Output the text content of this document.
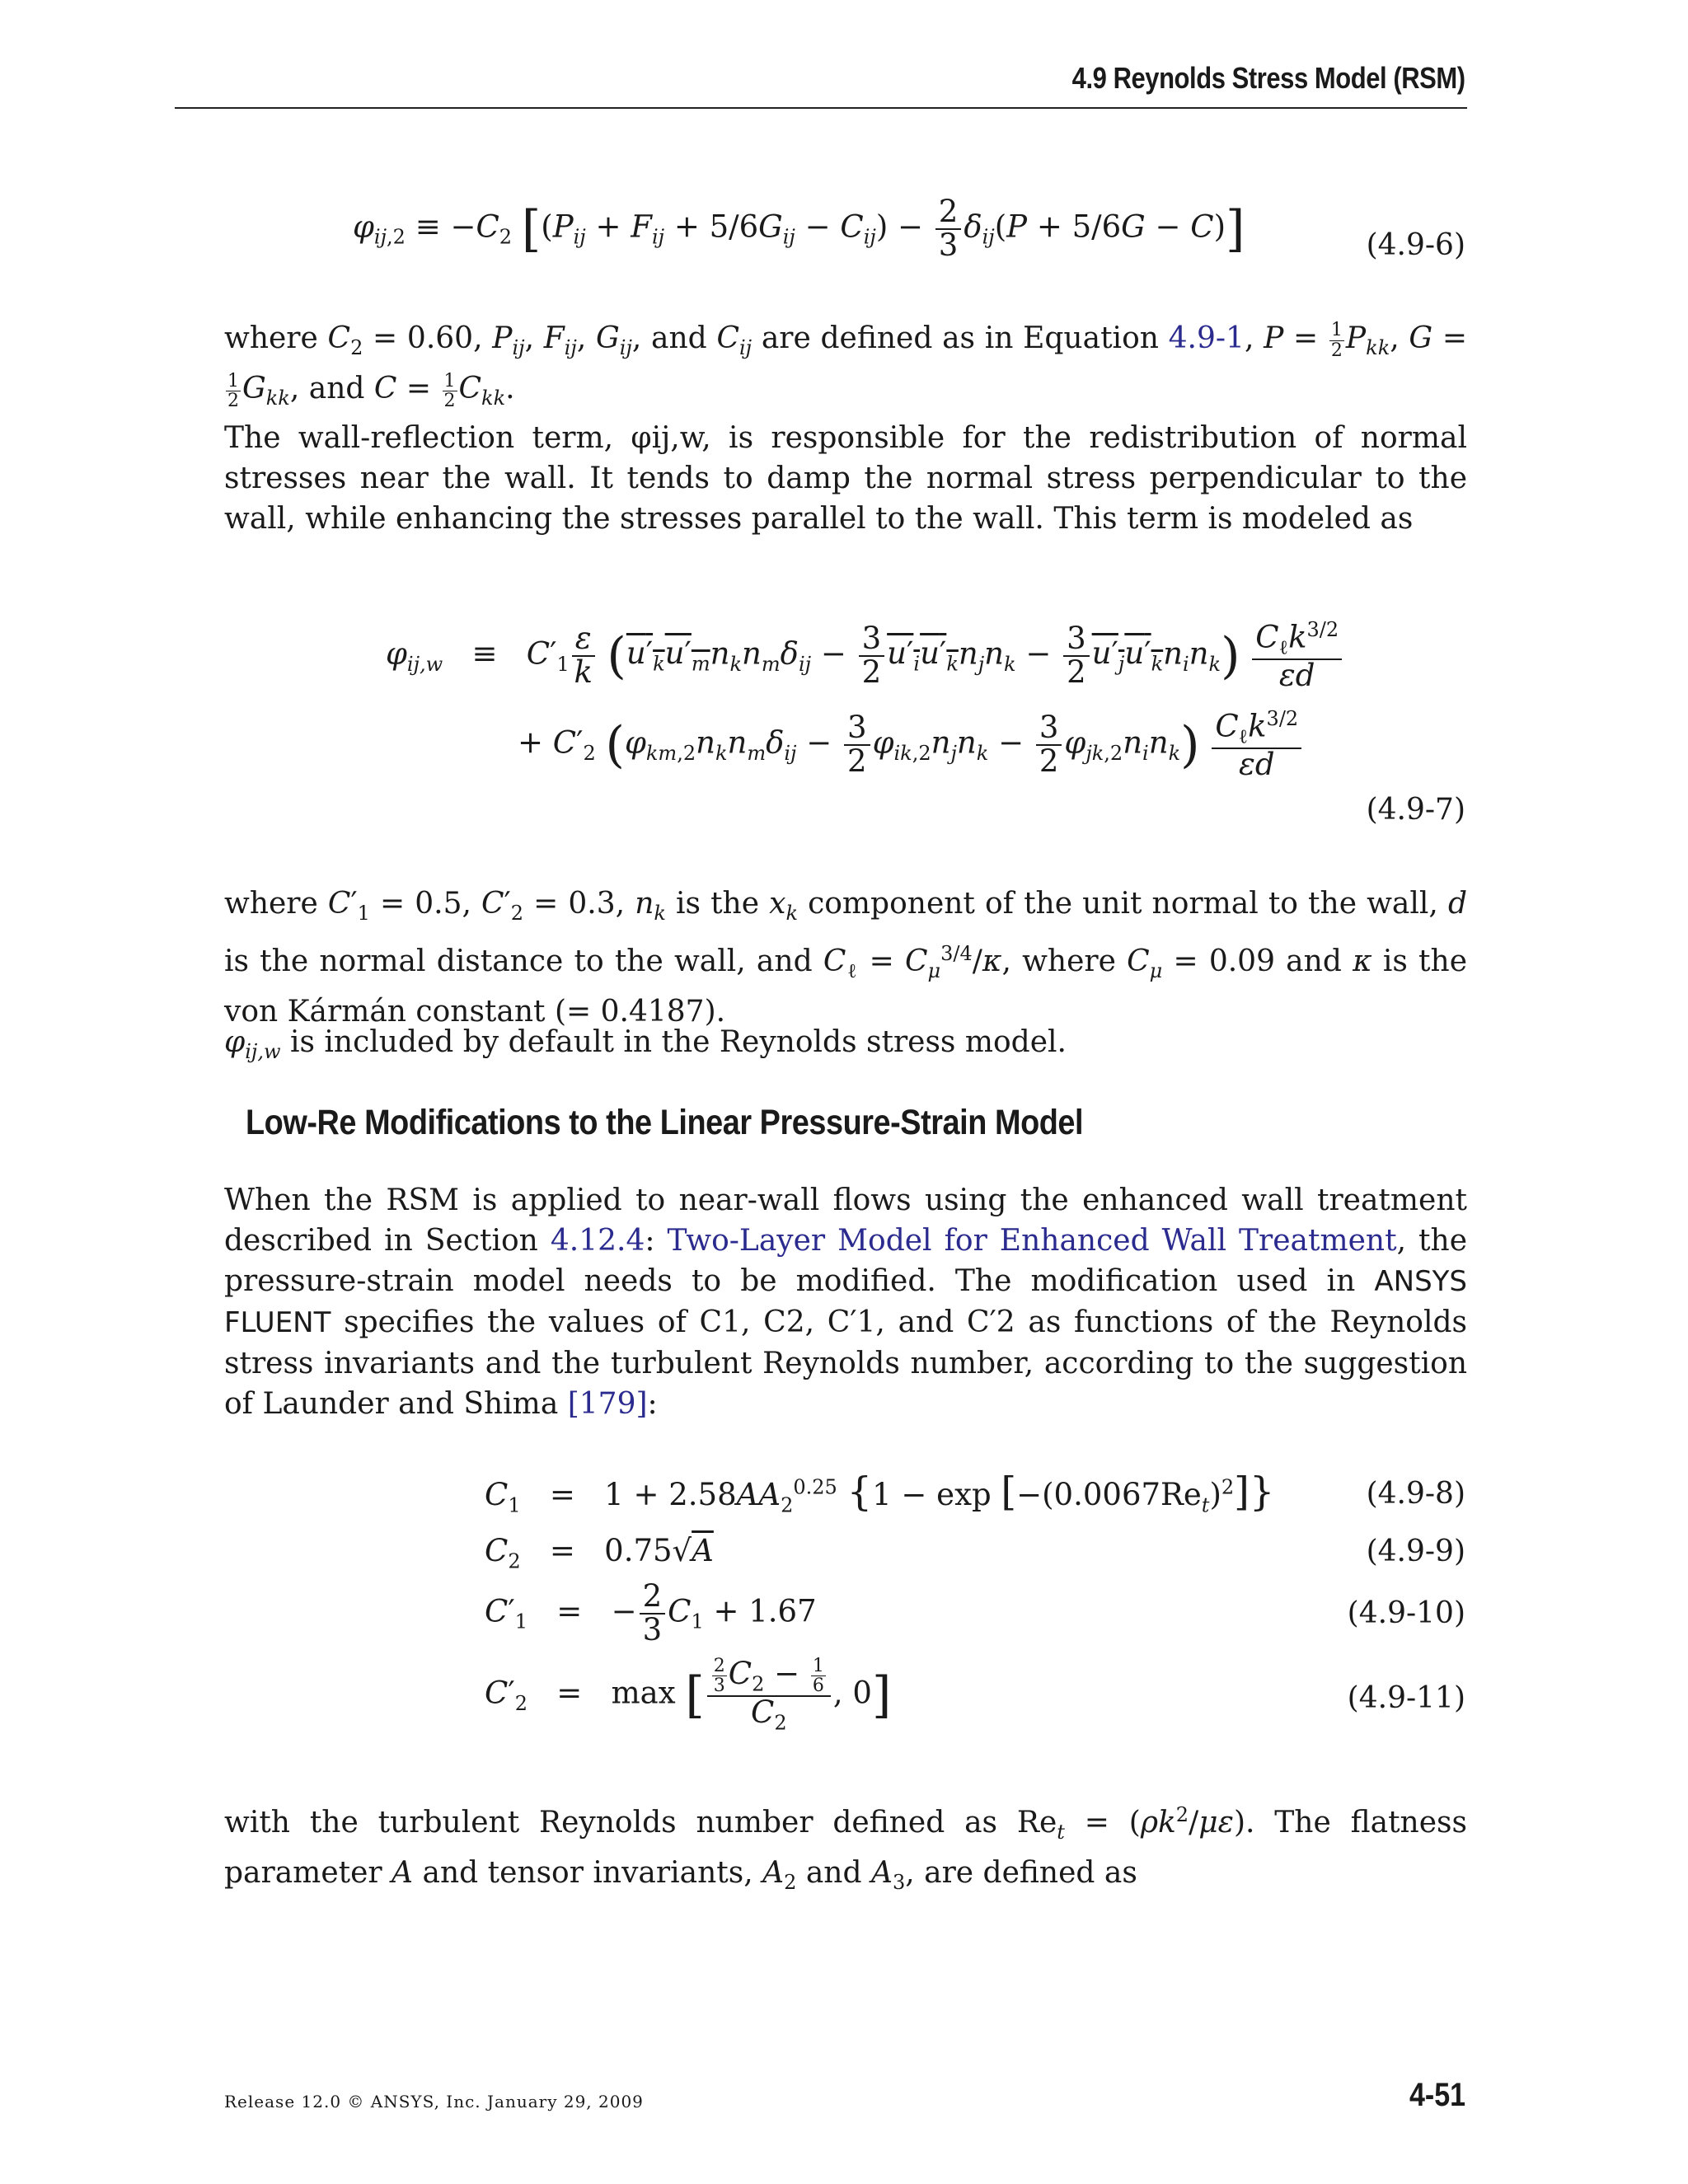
4.9 Reynolds Stress Model (RSM)
$\varphi_{ij,2} \equiv -C_2$ $[(P_{ij} + F_{ij} + 5/6G_{ij} - C_{ij}) - \frac{2}{3} \delta_{ij}(P + 5/6G - C)]$	(4.9-6)
where $C_2 = 0.60$, $P_{ij}$, $F_{ij}$, $G_{ij}$, and $C_{ij}$ are defined as in Equation 4.9-1, $P = \frac{1}{2} P_{kk}$, G =
$\frac{1}{2} G_{kk}$, and $C = \frac{1}{2} C_{kk}$.
The wall-reflection term, φij,w, is responsible for the redistribution of normal stresses near the wall. It tends to damp the normal stress perpendicular to the wall, while enhancing the stresses parallel to the wall. This term is modeled as
$\varphi_{ij,w} \equiv C'_1 \frac{\varepsilon}{k} (u'_ku'_mn_kn_m\delta_{ij} - \frac{3}{2} u'_iu'_kn_jn_k - \frac{3}{2} u'_ju'_kn_in_k) \frac{C_\ell k^{3/2}}{\varepsilon d}$
+ $C'_2$ $(\varphi_{km,2}n_kn_m\delta_{ij} - \frac{3}{2} \varphi_{ik,2}n_jn_k - \frac{3}{2} \varphi_{jk,2}n_in_k) \frac{C_\ell k^{3/2}}{\varepsilon d}$
(4.9-7)
where $C'_1 = 0.5$, $C'_2 = 0.3$, $n_k$ is the $x_k$ component of the unit normal to the wall, d is the normal distance to the wall, and $C_\ell = C_\mu^{3/4}/\kappa$, where $C_\mu = 0.09$ and κ is the von Kármán constant (= 0.4187).
$\varphi_{ij,w}$ is included by default in the Reynolds stress model.
Low-Re Modifications to the Linear Pressure-Strain Model
When the RSM is applied to near-wall flows using the enhanced wall treatment described in Section 4.12.4: Two-Layer Model for Enhanced Wall Treatment, the pressure-strain model needs to be modified. The modification used in ANSYS FLUENT specifies the values of C1, C2, C′1, and C′2 as functions of the Reynolds stress invariants and the turbulent Reynolds number, according to the suggestion of Launder and Shima [179]:
$C_1 = 1 + 2.58AA_2^{0.25}$ $\{1 - \exp [-(0.0067Re_t)^2]\}$	(4.9-8)
$C_2 = 0.75√A$	(4.9-9)
$C'_1$   =   − $\frac{2}{3} C_1 + 1.67$	(4.9-10)
$C'_2 = \max$ [ $\frac{\frac{2}{3} C_2 - \frac{1}{6}}{C_2}$ , 0]	(4.9-11)
with the turbulent Reynolds number defined as $Re_t = (\rho k^2/\mu\varepsilon)$. The flatness parameter A and tensor invariants, $A_2$ and $A_3$, are defined as
Release 12.0 © ANSYS, Inc. January 29, 2009	4-51
